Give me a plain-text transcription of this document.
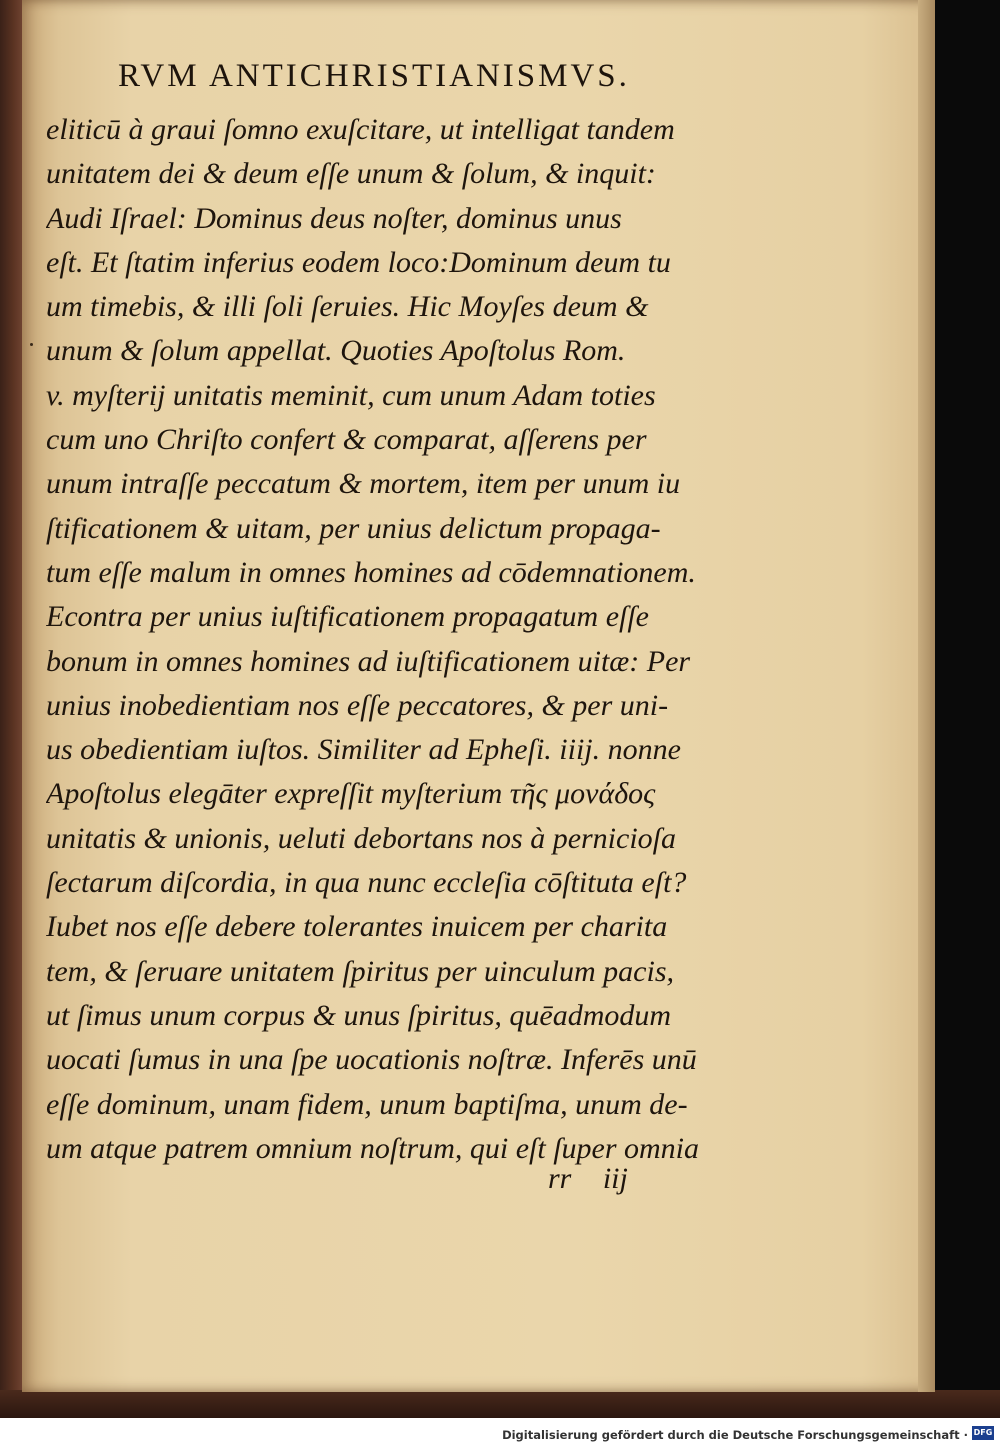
RVM ANTICHRISTIANISMVS.
eliticū à graui ſomno exuſcitare, ut intelligat tandem
unitatem dei & deum eſſe unum & ſolum, & inquit:
Audi Iſrael: Dominus deus noſter, dominus unus
eſt. Et ſtatim inferius eodem loco:Dominum deum tu
um timebis, & illi ſoli ſeruies. Hic Moyſes deum &
unum & ſolum appellat. Quoties Apoſtolus Rom.
v. myſterij unitatis meminit, cum unum Adam toties
cum uno Chriſto confert & comparat, aſſerens per
unum intraſſe peccatum & mortem, item per unum iu
ſtificationem & uitam, per unius delictum propaga-
tum eſſe malum in omnes homines ad cōdemnationem.
Econtra per unius iuſtificationem propagatum eſſe
bonum in omnes homines ad iuſtificationem uitæ: Per
unius inobedientiam nos eſſe peccatores, & per uni-
us obedientiam iuſtos. Similiter ad Epheſi. iiij. nonne
Apoſtolus elegāter expreſſit myſterium τῆς μονάδος
unitatis & unionis, ueluti debortans nos à pernicioſa
ſectarum diſcordia, in qua nunc eccleſia cōſtituta eſt?
Iubet nos eſſe debere tolerantes inuicem per charita
tem, & ſeruare unitatem ſpiritus per uinculum pacis,
ut ſimus unum corpus & unus ſpiritus, quēadmodum
uocati ſumus in una ſpe uocationis noſtræ. Inferēs unū
eſſe dominum, unam fidem, unum baptiſma, unum de-
um atque patrem omnium noſtrum, qui eſt ſuper omnia
rr iij
Digitalisierung gefördert durch die Deutsche Forschungsgemeinschaft · DFG
